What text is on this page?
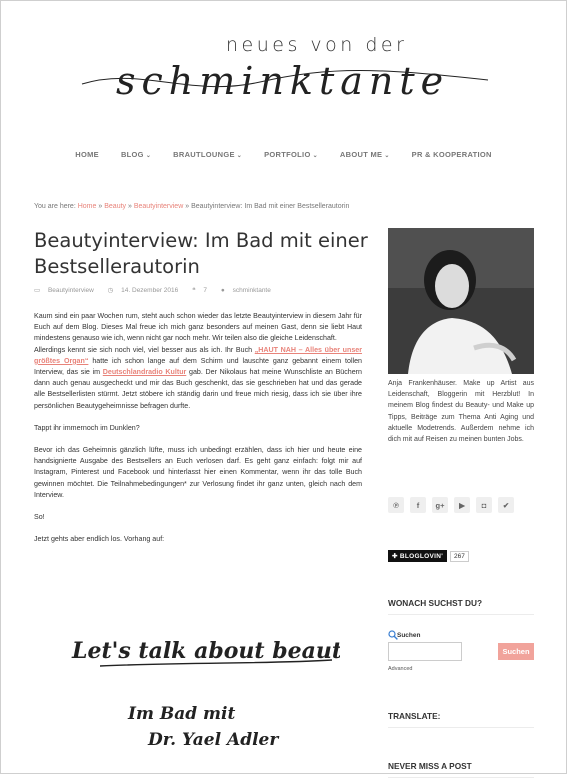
neues von der
schminktante
HOME	BLOG ⌄	BRAUTLOUNGE ⌄	PORTFOLIO ⌄	ABOUT ME ⌄	PR & KOOPERATION
You are here: Home » Beauty » Beautyinterview » Beautyinterview: Im Bad mit einer Bestsellerautorin
Beautyinterview: Im Bad mit einer Bestsellerautorin
▭ Beautyinterview ◷ 14. Dezember 2016 ❝ 7 ● schminktante

Kaum sind ein paar Wochen rum, steht auch schon wieder das letzte Beautyinterview in diesem Jahr für Euch auf dem Blog. Dieses Mal freue ich mich ganz besonders auf meinen Gast, denn sie liebt Haut mindestens genauso wie ich, wenn nicht gar noch mehr. Wir teilen also die gleiche Leidenschaft.

Allerdings kennt sie sich noch viel, viel besser aus als ich. Ihr Buch „HAUT NAH – Alles über unser größtes Organ“ hatte ich schon lange auf dem Schirm und lauschte ganz gebannt einem tollen Interview, das sie im Deutschlandradio Kultur gab. Der Nikolaus hat meine Wunschliste an Büchern dann auch genau ausgecheckt und mir das Buch geschenkt, das sie geschrieben hat und das gerade alle Bestsellerlisten stürmt. Jetzt stöbere ich ständig darin und freue mich riesig, dass ich sie über ihre persönlichen Beautygeheimnisse befragen durfte.

Tappt ihr immernoch im Dunklen?

Bevor ich das Geheimnis gänzlich lüfte, muss ich unbedingt erzählen, dass ich hier und heute eine handsignierte Ausgabe des Bestsellers an Euch verlosen darf. Es geht ganz einfach: folgt mir auf Instagram, Pinterest und Facebook und hinterlasst hier einen Kommentar, wenn ihr das tolle Buch gewinnen möchtet. Die Teilnahmebedingungen* zur Verlosung findet ihr ganz unten, gleich nach dem Interview.

So!

Jetzt gehts aber endlich los. Vorhang auf:

Let's talk about beauty
Im Bad mit
Dr. Yael Adler
Anja Frankenhäuser. Make up Artist aus Leidenschaft, Bloggerin mit Herzblut! In meinem Blog findest du Beauty- und Make up Tipps, Beiträge zum Thema Anti Aging und aktuelle Modetrends. Außerdem nehme ich dich mit auf Reisen zu meinen bunten Jobs.
℗	f	g+	▶	◘	✔
✚ BLOGLOVIN'	267
WONACH SUCHST DU?
Suchen
Suchen
Advanced
TRANSLATE:
NEVER MISS A POST
